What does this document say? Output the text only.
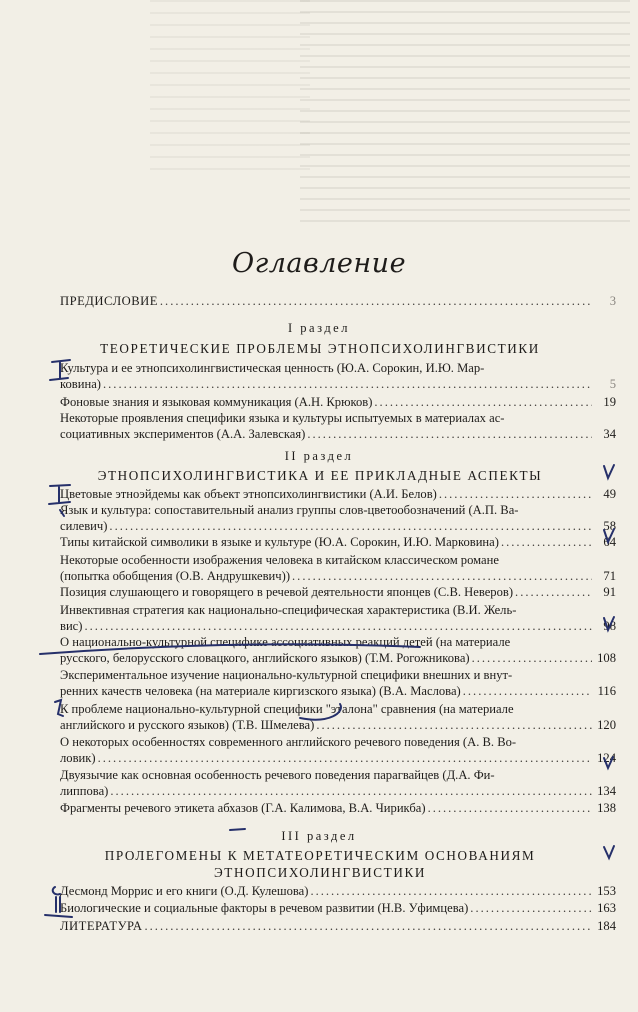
Оглавление
ПРЕДИСЛОВИЕ .....	3
I раздел
ТЕОРЕТИЧЕСКИЕ ПРОБЛЕМЫ ЭТНОПСИХОЛИНГВИСТИКИ
Культура и ее этнопсихолингвистическая ценность (Ю.А. Сорокин, И.Ю. Мар-
ковина) .....	5
Фоновые знания и языковая коммуникация (А.Н. Крюков) .....	19
Некоторые проявления специфики языка и культуры испытуемых в материалах ас-
социативных экспериментов (А.А. Залевская) .....	34
II раздел
ЭТНОПСИХОЛИНГВИСТИКА И ЕЕ ПРИКЛАДНЫЕ АСПЕКТЫ
Цветовые этноэйдемы как объект этнопсихолингвистики (А.И. Белов) .....	49
Язык и культура: сопоставительный анализ группы слов-цветообозначений (А.П. Ва-
силевич) .....	58
Типы китайской символики в языке и культуре (Ю.А. Сорокин, И.Ю. Марковина) .....	64
Некоторые особенности изображения человека в китайском классическом романе
(попытка обобщения (О.В. Андрушкевич)) .....	71
Позиция слушающего и говорящего в речевой деятельности японцев (С.В. Неверов) .....	91
Инвективная стратегия как национально-специфическая характеристика (В.И. Жель-
вис) .....	98
О национально-культурной специфике ассоциативных реакций детей (на материале
русского, белорусского словацкого, английского языков) (Т.М. Рогожникова) .....	108
Экспериментальное изучение национально-культурной специфики внешних и внут-
ренних качеств человека (на материале киргизского языка) (В.А. Маслова) .....	116
К проблеме национально-культурной специфики "эталона" сравнения (на материале
английского и русского языков) (Т.В. Шмелева) .....	120
О некоторых особенностях современного английского речевого поведения (А. В. Во-
ловик) .....	124
Двуязычие как основная особенность речевого поведения парагвайцев (Д.А. Фи-
липпова) .....	134
Фрагменты речевого этикета абхазов (Г.А. Калимова, В.А. Чирикба) .....	138
III раздел
ПРОЛЕГОМЕНЫ К МЕТАТЕОРЕТИЧЕСКИМ ОСНОВАНИЯМ
ЭТНОПСИХОЛИНГВИСТИКИ
Десмонд Моррис и его книги (О.Д. Кулешова) .....	153
Биологические и социальные факторы в речевом развитии (Н.В. Уфимцева) .....	163
ЛИТЕРАТУРА .....	184
